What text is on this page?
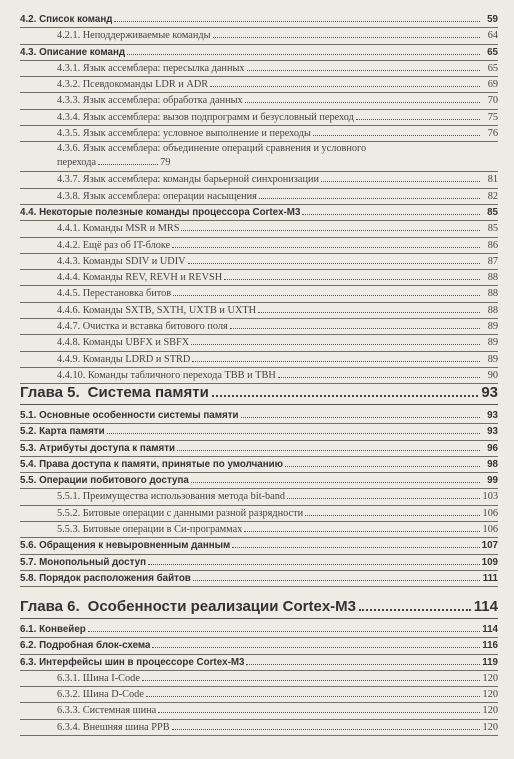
4.2. Список команд	59
4.2.1. Неподдерживаемые команды	64
4.3. Описание команд	65
4.3.1. Язык ассемблера: пересылка данных	65
4.3.2. Псевдокоманды LDR и ADR	69
4.3.3. Язык ассемблера: обработка данных	70
4.3.4. Язык ассемблера: вызов подпрограмм и безусловный переход	75
4.3.5. Язык ассемблера: условное выполнение и переходы	76
4.3.6. Язык ассемблера: объединение операций сравнения и условного
перехода	79
4.3.7. Язык ассемблера: команды барьерной синхронизации	81
4.3.8. Язык ассемблера: операции насыщения	82
4.4. Некоторые полезные команды процессора Cortex-M3	85
4.4.1. Команды MSR и MRS	85
4.4.2. Ещё раз об IT-блоке	86
4.4.3. Команды SDIV и UDIV	87
4.4.4. Команды REV, REVH и REVSH	88
4.4.5. Перестановка битов	88
4.4.6. Команды SXTB, SXTH, UXTB и UXTH	88
4.4.7. Очистка и вставка битового поля	89
4.4.8. Команды UBFX и SBFX	89
4.4.9. Команды LDRD и STRD	89
4.4.10. Команды табличного перехода TBB и TBH	90
Глава 5. Система памяти	93
5.1. Основные особенности системы памяти	93
5.2. Карта памяти	93
5.3. Атрибуты доступа к памяти	96
5.4. Права доступа к памяти, принятые по умолчанию	98
5.5. Операции побитового доступа	99
5.5.1. Преимущества использования метода bit-band	103
5.5.2. Битовые операции с данными разной разрядности	106
5.5.3. Битовые операции в Си-программах	106
5.6. Обращения к невыровненным данным	107
5.7. Монопольный доступ	109
5.8. Порядок расположения байтов	111
Глава 6. Особенности реализации Cortex-M3	114
6.1. Конвейер	114
6.2. Подробная блок-схема	116
6.3. Интерфейсы шин в процессоре Cortex-M3	119
6.3.1. Шина I-Code	120
6.3.2. Шина D-Code	120
6.3.3. Системная шина	120
6.3.4. Внешняя шина PPB	120
